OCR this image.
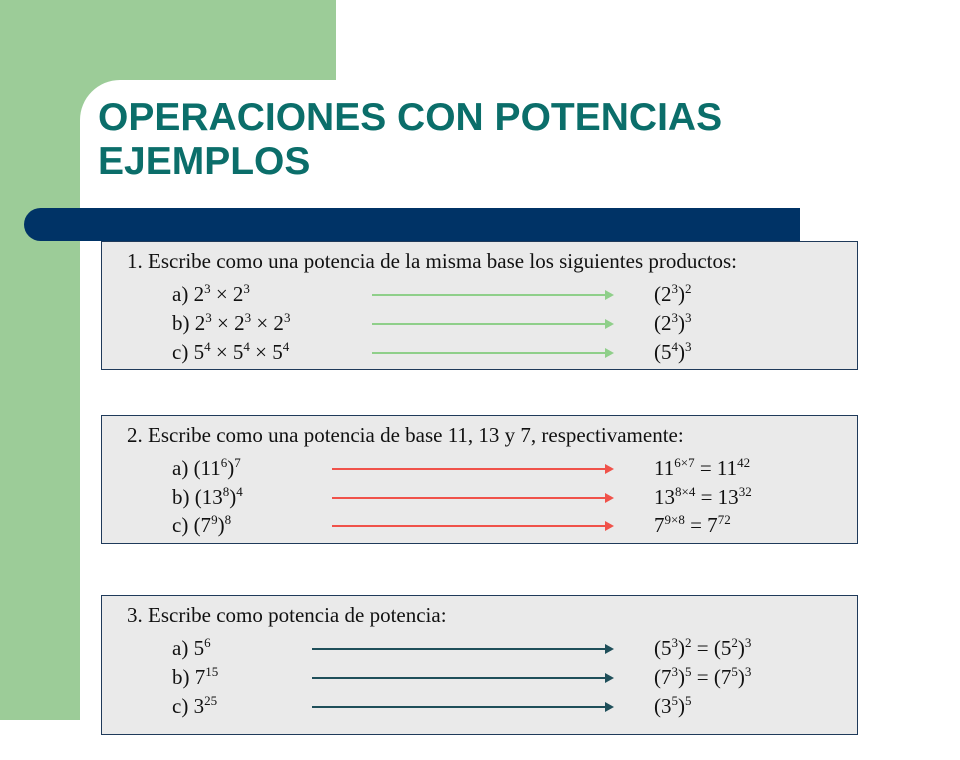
OPERACIONES CON POTENCIAS
EJEMPLOS

1. Escribe como una potencia de la misma base los siguientes productos:

a) $2^3 \times 2^3$	$(2^3)^2$
b) $2^3 \times 2^3 \times 2^3$	$(2^3)^3$
c) $5^4 \times 5^4 \times 5^4$	$(5^4)^3$

2. Escribe como una potencia de base 11, 13 y 7, respectivamente:

a) $(11^6)^7$	$11^{6\times 7} = 11^{42}$
b) $(13^8)^4$	$13^{8\times 4} = 13^{32}$
c) $(7^9)^8$	$7^{9\times 8} = 7^{72}$

3. Escribe como potencia de potencia:

a) $5^6$	$(5^3)^2 = (5^2)^3$
b) $7^{15}$	$(7^3)^5 = (7^5)^3$
c) $3^{25}$	$(3^5)^5$
